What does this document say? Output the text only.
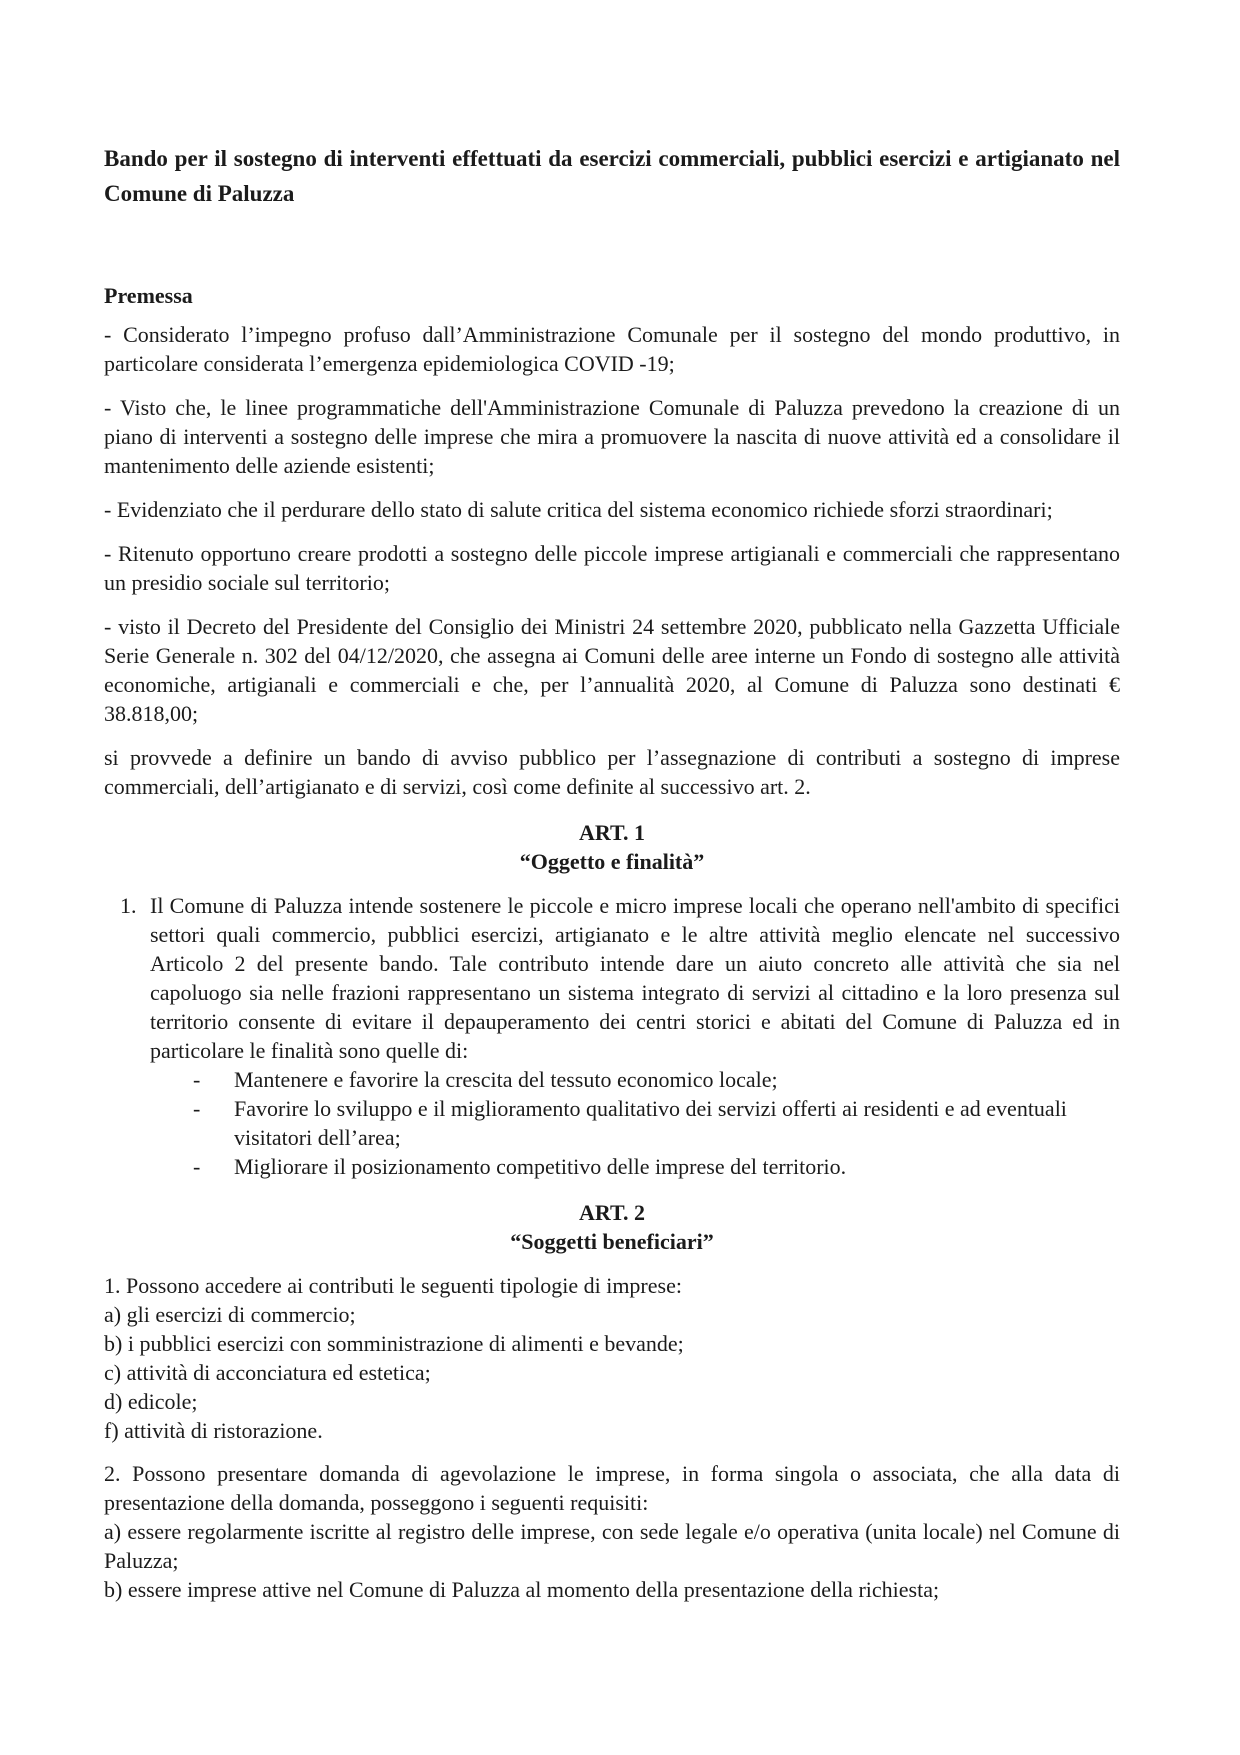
Bando per il sostegno di interventi effettuati da esercizi commerciali, pubblici esercizi e artigianato nel Comune di Paluzza
Premessa

- Considerato l’impegno profuso dall’Amministrazione Comunale per il sostegno del mondo produttivo, in particolare considerata l’emergenza epidemiologica COVID -19;

- Visto che, le linee programmatiche dell'Amministrazione Comunale di Paluzza prevedono la creazione di un piano di interventi a sostegno delle imprese che mira a promuovere la nascita di nuove attività ed a consolidare il mantenimento delle aziende esistenti;

- Evidenziato che il perdurare dello stato di salute critica del sistema economico richiede sforzi straordinari;

- Ritenuto opportuno creare prodotti a sostegno delle piccole imprese artigianali e commerciali che rappresentano un presidio sociale sul territorio;

- visto il Decreto del Presidente del Consiglio dei Ministri 24 settembre 2020, pubblicato nella Gazzetta Ufficiale Serie Generale n. 302 del 04/12/2020, che assegna ai Comuni delle aree interne un Fondo di sostegno alle attività economiche, artigianali e commerciali e che, per l’annualità 2020, al Comune di Paluzza sono destinati € 38.818,00;

si provvede a definire un bando di avviso pubblico per l’assegnazione di contributi a sostegno di imprese commerciali, dell’artigianato e di servizi, così come definite al successivo art. 2.

ART. 1
“Oggetto e finalità”
1. Il Comune di Paluzza intende sostenere le piccole e micro imprese locali che operano nell'ambito di specifici settori quali commercio, pubblici esercizi, artigianato e le altre attività meglio elencate nel successivo Articolo 2 del presente bando. Tale contributo intende dare un aiuto concreto alle attività che sia nel capoluogo sia nelle frazioni rappresentano un sistema integrato di servizi al cittadino e la loro presenza sul territorio consente di evitare il depauperamento dei centri storici e abitati del Comune di Paluzza ed in particolare le finalità sono quelle di:
-	Mantenere e favorire la crescita del tessuto economico locale;
-	Favorire lo sviluppo e il miglioramento qualitativo dei servizi offerti ai residenti e ad eventuali visitatori dell’area;
-	Migliorare il posizionamento competitivo delle imprese del territorio.
ART. 2
“Soggetti beneficiari”

1. Possono accedere ai contributi le seguenti tipologie di imprese:

a) gli esercizi di commercio;

b) i pubblici esercizi con somministrazione di alimenti e bevande;

c) attività di acconciatura ed estetica;

d) edicole;

f) attività di ristorazione.

2. Possono presentare domanda di agevolazione le imprese, in forma singola o associata, che alla data di presentazione della domanda, posseggono i seguenti requisiti:

a) essere regolarmente iscritte al registro delle imprese, con sede legale e/o operativa (unita locale) nel Comune di Paluzza;

b) essere imprese attive nel Comune di Paluzza al momento della presentazione della richiesta;
